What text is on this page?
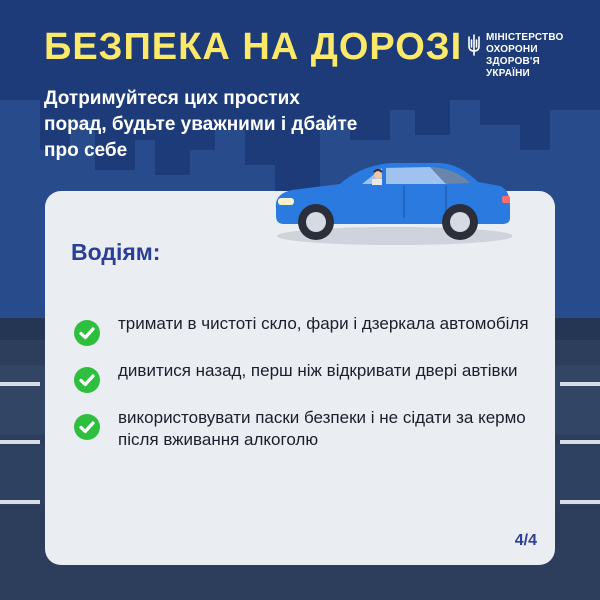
БЕЗПЕКА НА ДОРОЗІ

Дотримуйтеся цих простих порад, будьте уважними і дбайте про себе

МІНІСТЕРСТВО
ОХОРОНИ
ЗДОРОВ'Я
УКРАЇНИ
Водіям:
тримати в чистоті скло, фари і дзеркала автомобіля
дивитися назад, перш ніж відкривати двері автівки
використовувати паски безпеки і не сідати за кермо після вживання алкоголю
4/4
